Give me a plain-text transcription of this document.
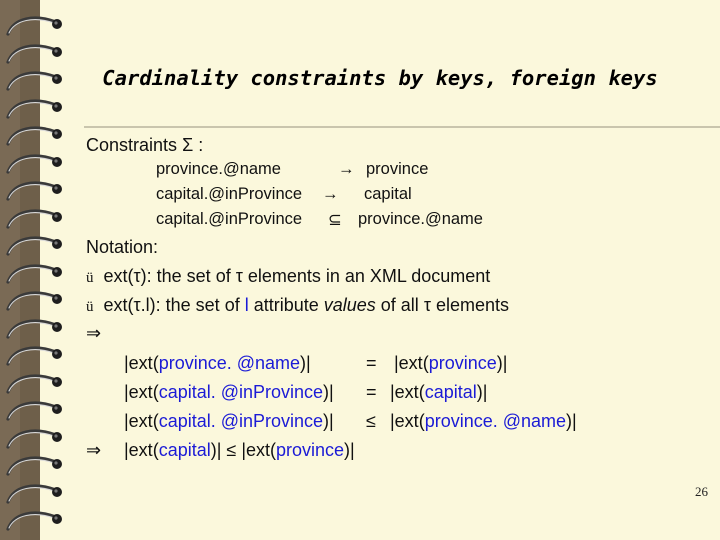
Cardinality constraints by keys, foreign keys
Constraints Σ :
province.@name	→ province
capital.@inProvince → capital
capital.@inProvince ⊆ province.@name
Notation:
ü ext(τ): the set of τ elements in an XML document
ü ext(τ.l): the set of l attribute values of all τ elements
⇒
|ext(province. @name)|	= |ext(province)|
|ext(capital. @inProvince)| = |ext(capital)|
|ext(capital. @inProvince)| ≤ |ext(province. @name)|
⇒ |ext(capital)| ≤ |ext(province)|
26
